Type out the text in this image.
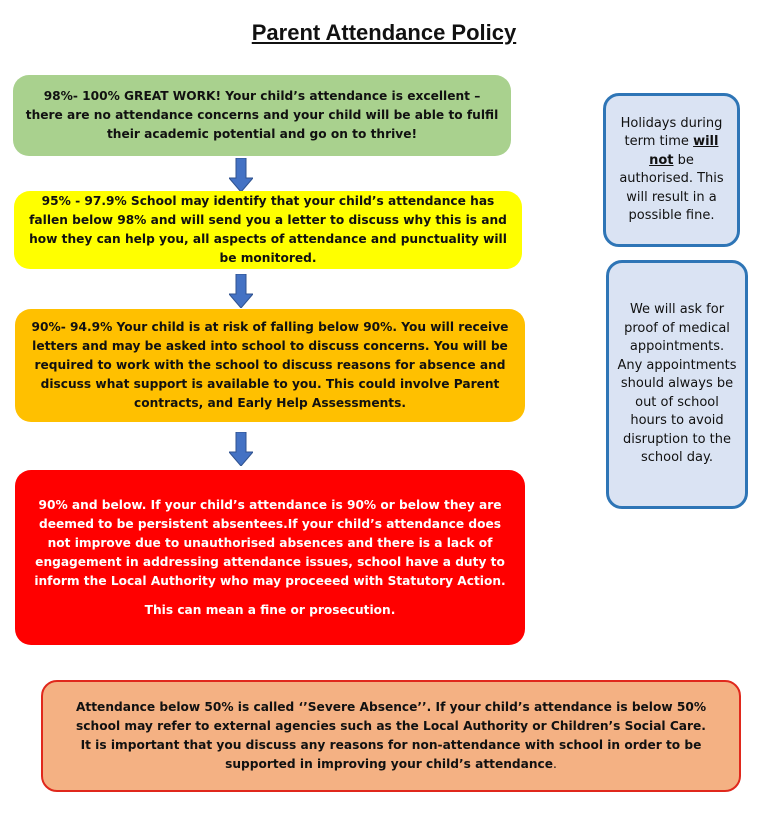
Parent Attendance Policy

98%- 100% GREAT WORK! Your child’s attendance is excellent – there are no attendance concerns and your child will be able to fulfil their academic potential and go on to thrive!

95% - 97.9% School may identify that your child’s attendance has fallen below 98% and will send you a letter to discuss why this is and how they can help you, all aspects of attendance and punctuality will be monitored.

90%- 94.9% Your child is at risk of falling below 90%. You will receive letters and may be asked into school to discuss concerns. You will be required to work with the school to discuss reasons for absence and discuss what support is available to you. This could involve Parent contracts, and Early Help Assessments.

90% and below. If your child’s attendance is 90% or below they are deemed to be persistent absentees.If your child’s attendance does not improve due to unauthorised absences and there is a lack of engagement in addressing attendance issues, school have a duty to inform the Local Authority who may proceeed with Statutory Action.

This can mean a fine or prosecution.

Attendance below 50% is called ‘’Severe Absence’’. If your child’s attendance is below 50% school may refer to external agencies such as the Local Authority or Children’s Social Care. It is important that you discuss any reasons for non-attendance with school in order to be supported in improving your child’s attendance.

Holidays during term time will not be authorised. This will result in a possible fine.

We will ask for proof of medical appointments. Any appointments should always be out of school hours to avoid disruption to the school day.
